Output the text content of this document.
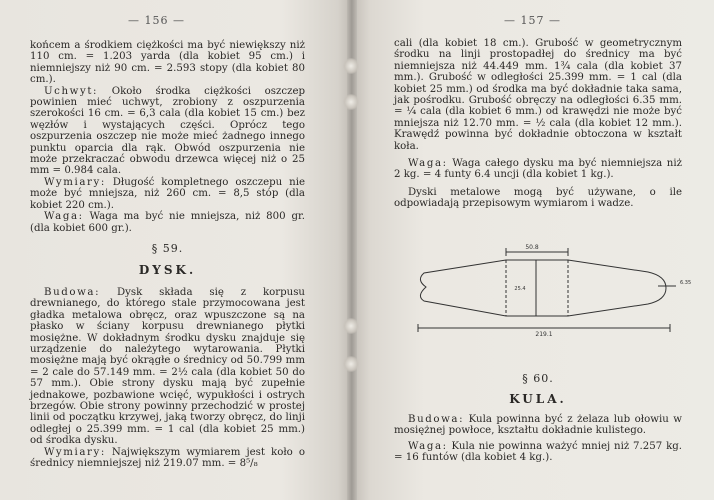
— 156 —

końcem a środkiem ciężkości ma być niewiększy niż 110 cm. = 1.203 yarda (dla kobiet 95 cm.) i niemniejszy niż 90 cm. = 2.593 stopy (dla kobiet 80 cm.).

Uchwyt: Około środka ciężkości oszczep powinien mieć uchwyt, zrobiony z oszpurzenia szerokości 16 cm. = 6,3 cala (dla kobiet 15 cm.) bez węzłów i wystających części. Oprócz tego oszpurzenia oszczep nie może mieć żadnego innego punktu oparcia dla rąk. Obwód oszpurzenia nie może przekraczać obwodu drzewca więcej niż o 25 mm = 0.984 cala.

Wymiary: Długość kompletnego oszczepu nie może być mniejsza, niż 260 cm. = 8,5 stóp (dla kobiet 220 cm.).

Waga: Waga ma być nie mniejsza, niż 800 gr. (dla kobiet 600 gr.).

§ 59.
DYSK.

Budowa: Dysk składa się z korpusu drewnianego, do którego stale przymocowana jest gładka metalowa obręcz, oraz wpuszczone są na płasko w ściany korpusu drewnianego płytki mosiężne. W dokładnym środku dysku znajduje się urządzenie do należytego wytarowania. Płytki mosiężne mają być okrągłe o średnicy od 50.799 mm = 2 cale do 57.149 mm. = 2½ cala (dla kobiet 50 do 57 mm.). Obie strony dysku mają być zupełnie jednakowe, pozbawione wcięć, wypukłości i ostrych brzegów. Obie strony powinny przechodzić w prostej linii od początku krzywej, jaką tworzy obręcz, do linji odległej o 25.399 mm. = 1 cal (dla kobiet 25 mm.) od środka dysku.

Wymiary: Największym wymiarem jest koło o średnicy niemniejszej niż 219.07 mm. = 8⁵/₈

— 157 —

cali (dla kobiet 18 cm.). Grubość w geometrycznym środku na linji prostopadłej do średnicy ma być niemniejsza niż 44.449 mm. 1¾ cala (dla kobiet 37 mm.). Grubość w odległości 25.399 mm. = 1 cal (dla kobiet 25 mm.) od środka ma być dokładnie taka sama, jak pośrodku. Grubość obręczy na odległości 6.35 mm. = ¼ cala (dla kobiet 6 mm.) od krawędzi nie może być mniejsza niż 12.70 mm. = ½ cala (dla kobiet 12 mm.). Krawędź powinna być dokładnie obtoczona w kształt koła.

Waga: Waga całego dysku ma być niemniejsza niż 2 kg. = 4 funty 6.4 uncji (dla kobiet 1 kg.).

Dyski metalowe mogą być używane, o ile odpowiadają przepisowym wymiarom i wadze.

50.8
25.4
6.35
219.1
§ 60.
KULA.

Budowa: Kula powinna być z żelaza lub ołowiu w mosiężnej powłoce, kształtu dokładnie kulistego.

Waga: Kula nie powinna ważyć mniej niż 7.257 kg. = 16 funtów (dla kobiet 4 kg.).
